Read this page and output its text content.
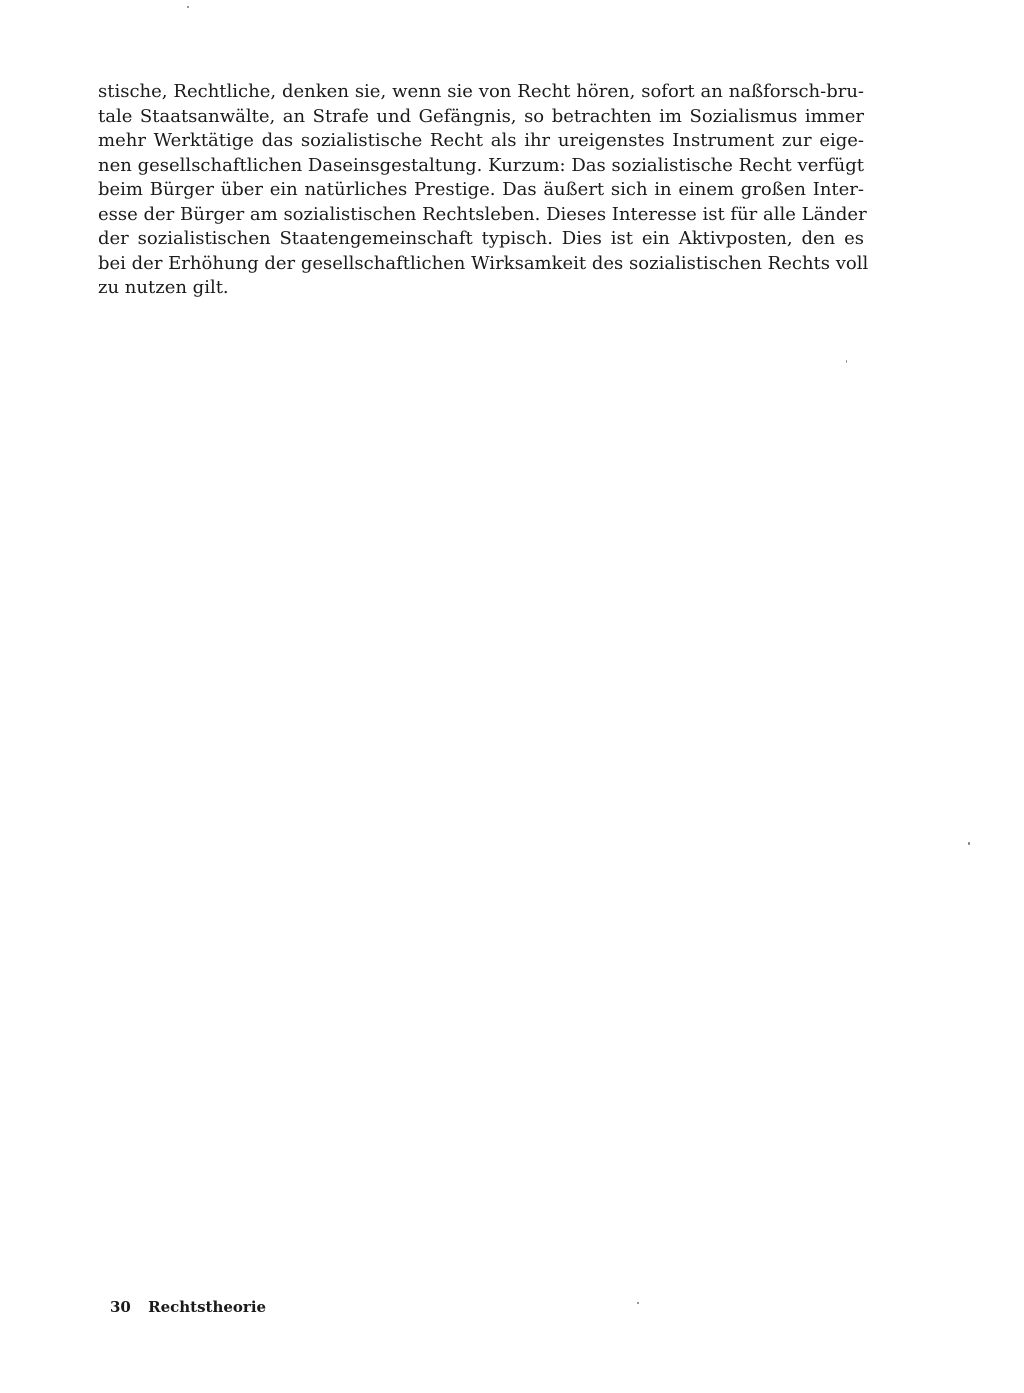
stische, Rechtliche, denken sie, wenn sie von Recht hören, sofort an naßforsch-bru-
tale Staatsanwälte, an Strafe und Gefängnis, so betrachten im Sozialismus immer
mehr Werktätige das sozialistische Recht als ihr ureigenstes Instrument zur eige-
nen gesellschaftlichen Daseinsgestaltung. Kurzum: Das sozialistische Recht verfügt
beim Bürger über ein natürliches Prestige. Das äußert sich in einem großen Inter-
esse der Bürger am sozialistischen Rechtsleben. Dieses Interesse ist für alle Länder
der sozialistischen Staatengemeinschaft typisch. Dies ist ein Aktivposten, den es
bei der Erhöhung der gesellschaftlichen Wirksamkeit des sozialistischen Rechts voll
zu nutzen gilt.
30 Rechtstheorie
